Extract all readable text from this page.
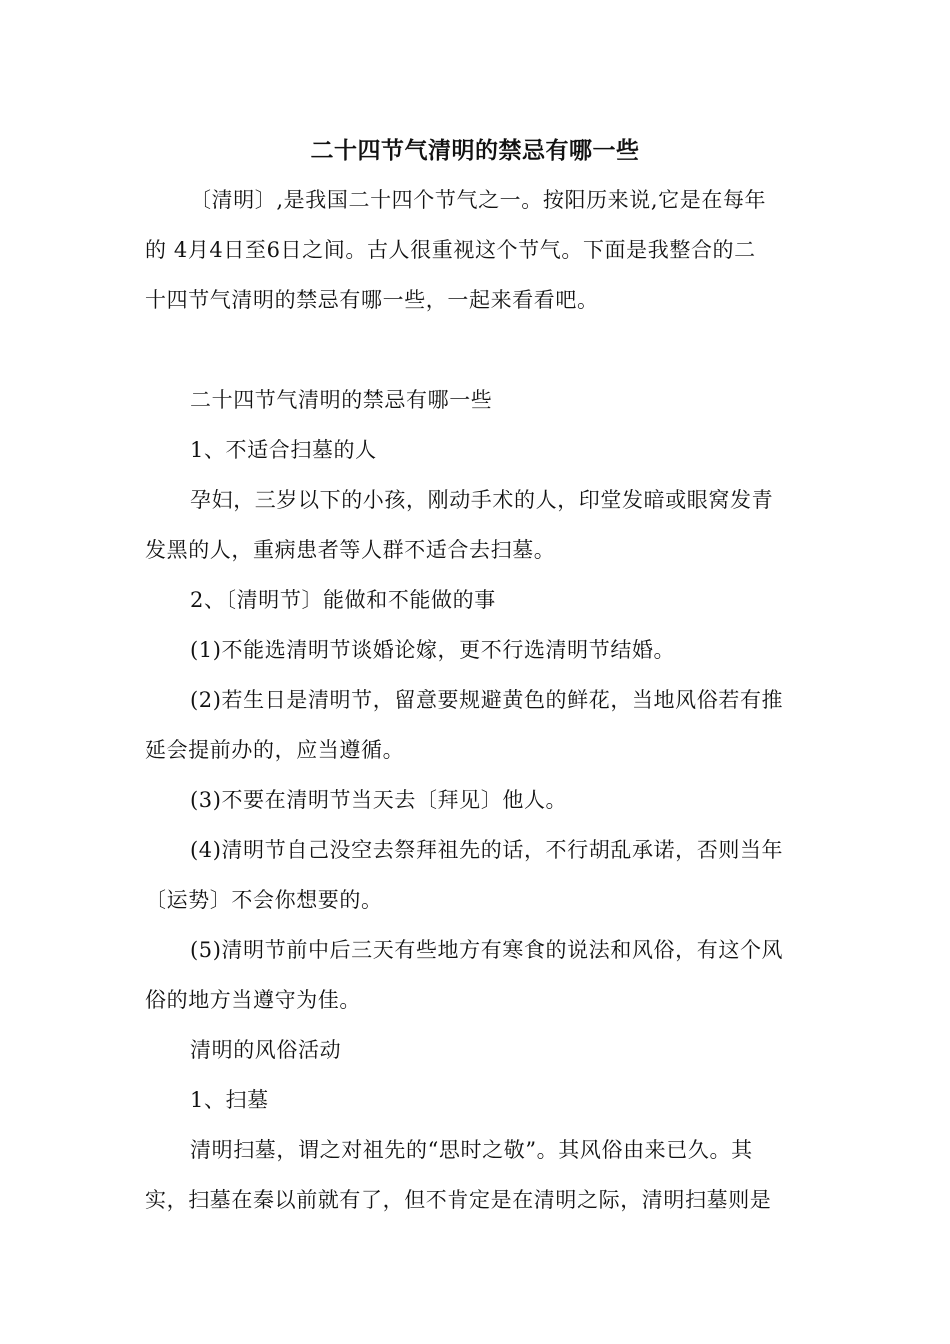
二十四节气清明的禁忌有哪一些
〔清明〕,是我国二十四个节气之一。按阳历来说,它是在每年
的 4月4日至6日之间。古人很重视这个节气。下面是我整合的二
十四节气清明的禁忌有哪一些，一起来看看吧。
二十四节气清明的禁忌有哪一些
1、不适合扫墓的人
孕妇，三岁以下的小孩，刚动手术的人，印堂发暗或眼窝发青
发黑的人，重病患者等人群不适合去扫墓。
2、〔清明节〕能做和不能做的事
(1)不能选清明节谈婚论嫁，更不行选清明节结婚。
(2)若生日是清明节，留意要规避黄色的鲜花，当地风俗若有推
延会提前办的，应当遵循。
(3)不要在清明节当天去〔拜见〕他人。
(4)清明节自己没空去祭拜祖先的话，不行胡乱承诺，否则当年
〔运势〕不会你想要的。
(5)清明节前中后三天有些地方有寒食的说法和风俗，有这个风
俗的地方当遵守为佳。
清明的风俗活动
1、扫墓
清明扫墓，谓之对祖先的“思时之敬”。其风俗由来已久。其
实，扫墓在秦以前就有了，但不肯定是在清明之际，清明扫墓则是
